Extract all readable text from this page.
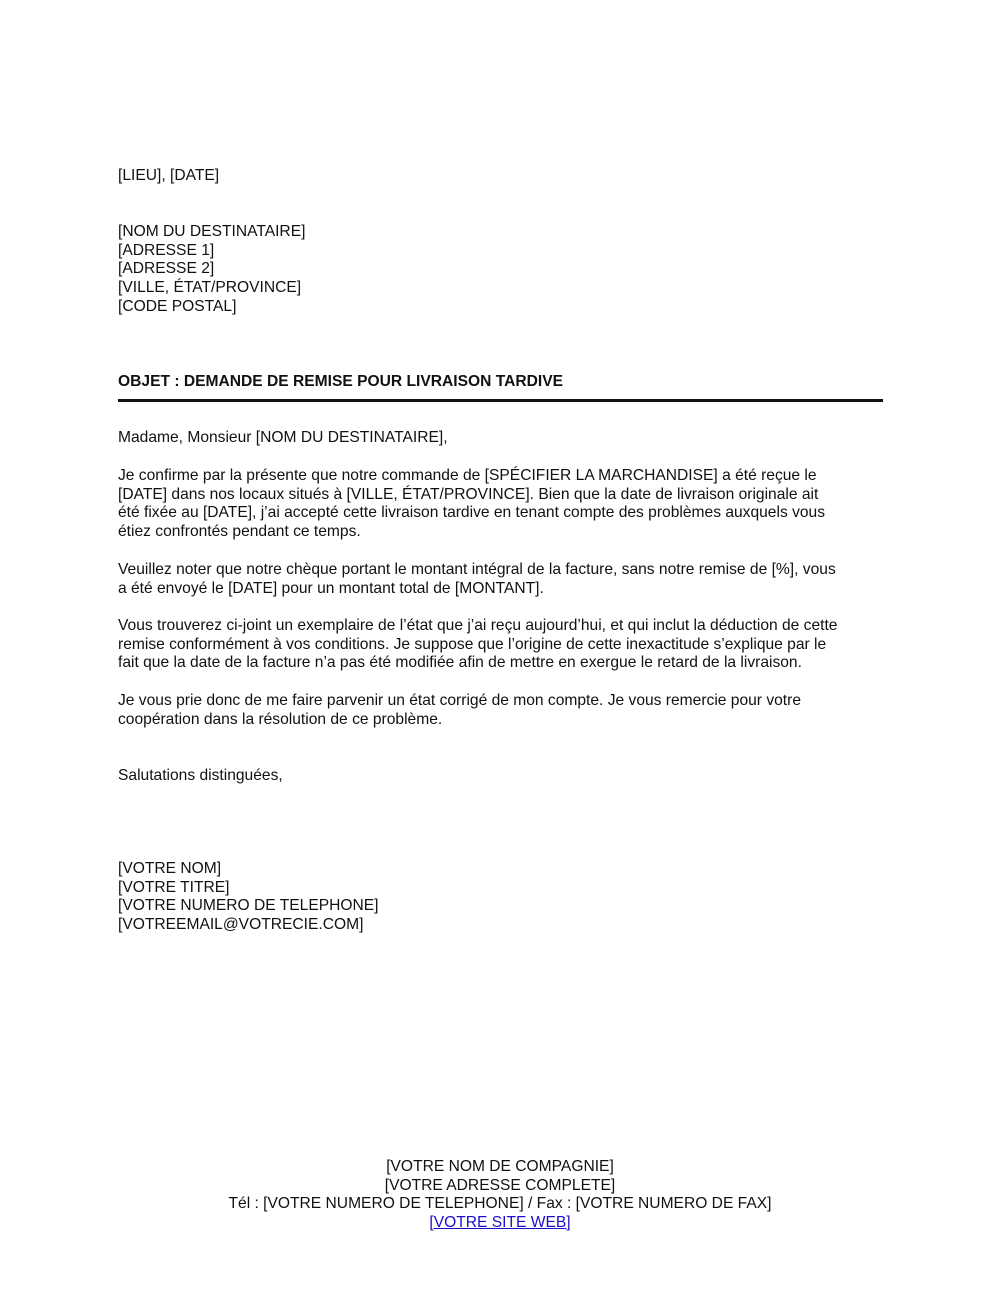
[LIEU], [DATE]
[NOM DU DESTINATAIRE]
[ADRESSE 1]
[ADRESSE 2]
[VILLE, ÉTAT/PROVINCE]
[CODE POSTAL]
OBJET : DEMANDE DE REMISE POUR LIVRAISON TARDIVE
Madame, Monsieur [NOM DU DESTINATAIRE],
Je confirme par la présente que notre commande de [SPÉCIFIER LA MARCHANDISE] a été reçue le
[DATE] dans nos locaux situés à [VILLE, ÉTAT/PROVINCE]. Bien que la date de livraison originale ait
été fixée au [DATE], j’ai accepté cette livraison tardive en tenant compte des problèmes auxquels vous
étiez confrontés pendant ce temps.
Veuillez noter que notre chèque portant le montant intégral de la facture, sans notre remise de [%], vous
a été envoyé le [DATE] pour un montant total de [MONTANT].
Vous trouverez ci-joint un exemplaire de l’état que j’ai reçu aujourd’hui, et qui inclut la déduction de cette
remise conformément à vos conditions. Je suppose que l’origine de cette inexactitude s’explique par le
fait que la date de la facture n’a pas été modifiée afin de mettre en exergue le retard de la livraison.
Je vous prie donc de me faire parvenir un état corrigé de mon compte. Je vous remercie pour votre
coopération dans la résolution de ce problème.
Salutations distinguées,
[VOTRE NOM]
[VOTRE TITRE]
[VOTRE NUMERO DE TELEPHONE]
[VOTREEMAIL@VOTRECIE.COM]
[VOTRE NOM DE COMPAGNIE]
[VOTRE ADRESSE COMPLETE]
Tél : [VOTRE NUMERO DE TELEPHONE] / Fax : [VOTRE NUMERO DE FAX]
[VOTRE SITE WEB]
